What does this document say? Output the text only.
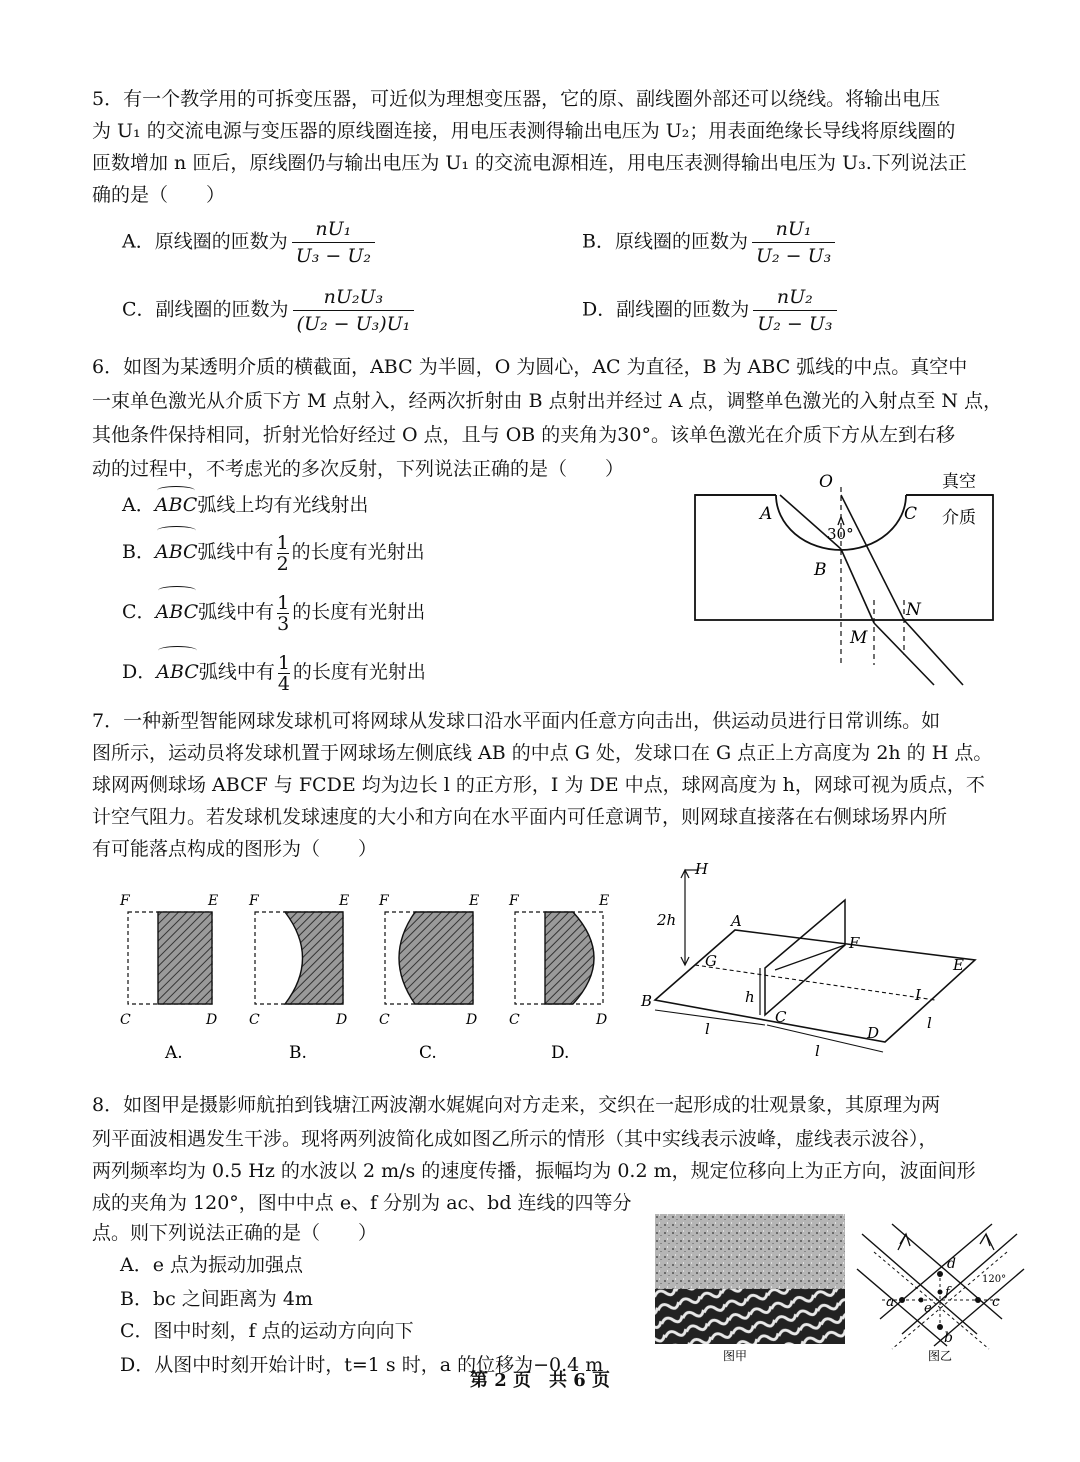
5．有一个教学用的可拆变压器，可近似为理想变压器，它的原、副线圈外部还可以绕线。将输出电压
为 U₁ 的交流电源与变压器的原线圈连接，用电压表测得输出电压为 U₂；用表面绝缘长导线将原线圈的
匝数增加 n 匝后，原线圈仍与输出电压为 U₁ 的交流电源相连，用电压表测得输出电压为 U₃.下列说法正
确的是（　　）
A．原线圈的匝数为 $\frac{\text{nU₁}}{\text{U₃ − U₂}}$	B．原线圈的匝数为 $\frac{\text{nU₁}}{\text{U₂ − U₃}}$
C．副线圈的匝数为 $\frac{\text{nU₂U₃}}{\text{(U₂ − U₃)U₁}}$	D．副线圈的匝数为 $\frac{\text{nU₂}}{\text{U₂ − U₃}}$
6．如图为某透明介质的横截面，ABC 为半圆，O 为圆心，AC 为直径，B 为 ABC 弧线的中点。真空中
一束单色激光从介质下方 M 点射入，经两次折射由 B 点射出并经过 A 点，调整单色激光的入射点至 N 点，
其他条件保持相同，折射光恰好经过 O 点，且与 OB 的夹角为30°。该单色激光在介质下方从左到右移
动的过程中，不考虑光的多次反射，下列说法正确的是（　　）
A．ABC弧线上均有光线射出
B．ABC弧线中有 $\frac{1}{2}$ 的长度有光射出
C．ABC弧线中有 $\frac{1}{3}$ 的长度有光射出
D．ABC弧线中有 $\frac{1}{4}$ 的长度有光射出
O
A	C
B
30°
M
N
真空
介质
7．一种新型智能网球发球机可将网球从发球口沿水平面内任意方向击出，供运动员进行日常训练。如
图所示，运动员将发球机置于网球场左侧底线 AB 的中点 G 处，发球口在 G 点正上方高度为 2h 的 H 点。
球网两侧球场 ABCF 与 FCDE 均为边长 l 的正方形，I 为 DE 中点，球网高度为 h，网球可视为质点，不
计空气阻力。若发球机发球速度的大小和方向在水平面内可任意调节，则网球直接落在右侧球场界内所
有可能落点构成的图形为（　　）
F	E
C	D
F	E
C	D
F	E
C	D
F	E
C	D
A.	B.	C.	D.
H
2h	A
F
G	E
h	I
B
C
D
l
l
l
8．如图甲是摄影师航拍到钱塘江两波潮水娓娓向对方走来，交织在一起形成的壮观景象，其原理为两
列平面波相遇发生干涉。现将两列波简化成如图乙所示的情形（其中实线表示波峰，虚线表示波谷），
两列频率均为 0.5 Hz 的水波以 2 m/s 的速度传播，振幅均为 0.2 m，规定位移向上为正方向，波面间形
成的夹角为 120°，图中中点 e、f 分别为 ac、bd 连线的四等分
点。则下列说法正确的是（　　）
A．e 点为振动加强点
B．bc 之间距离为 4m
C．图中时刻，f 点的运动方向向下
D．从图中时刻开始计时，t=1 s 时，a 的位移为−0.4 m	图甲
d
a	c
b
e
f
120°
图乙
第 2 页　共 6 页
